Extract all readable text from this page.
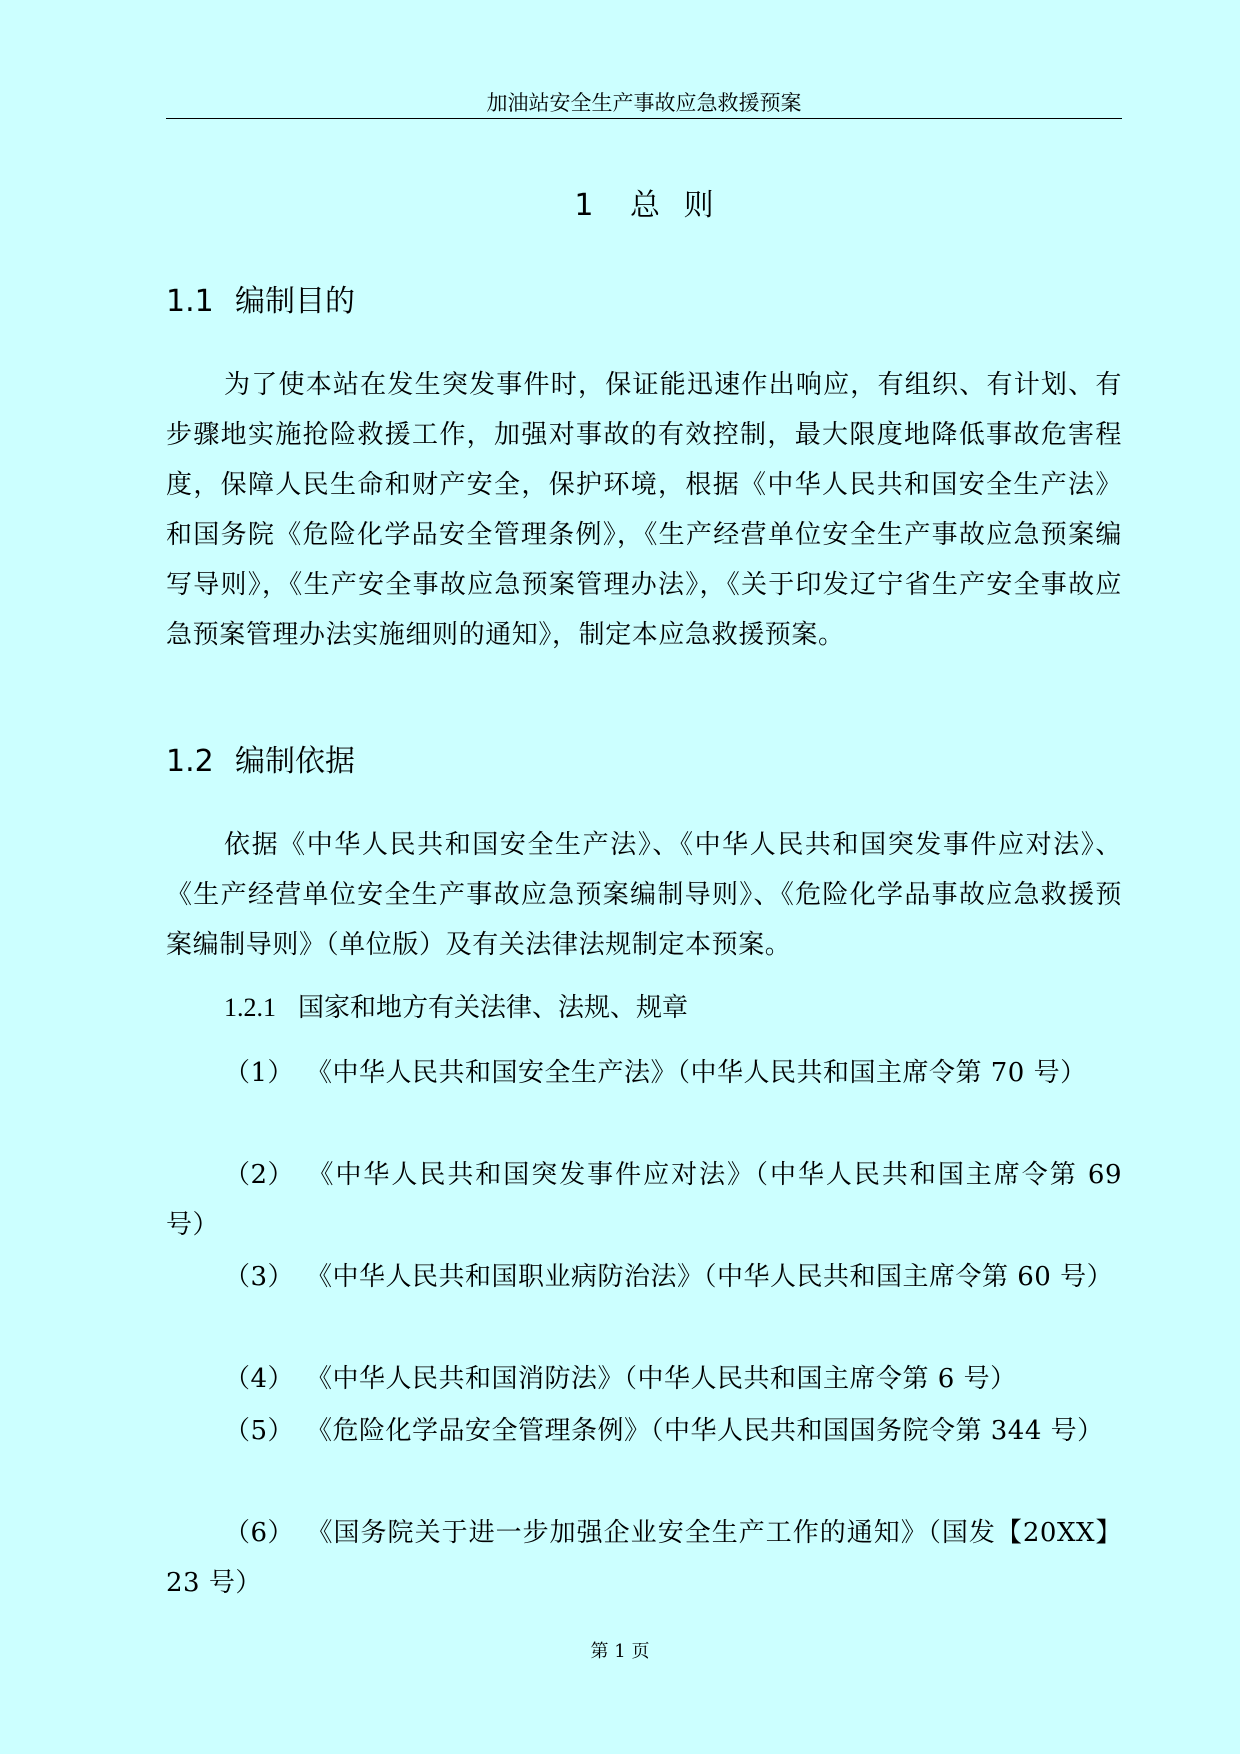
加油站安全生产事故应急救援预案
1 总 则
1.1 编制目的
为了使本站在发生突发事件时，保证能迅速作出响应，有组织、有计划、有步骤地实施抢险救援工作，加强对事故的有效控制，最大限度地降低事故危害程度，保障人民生命和财产安全，保护环境，根据《中华人民共和国安全生产法》和国务院《危险化学品安全管理条例》，《生产经营单位安全生产事故应急预案编写导则》，《生产安全事故应急预案管理办法》，《关于印发辽宁省生产安全事故应急预案管理办法实施细则的通知》，制定本应急救援预案。
1.2 编制依据
依据《中华人民共和国安全生产法》、《中华人民共和国突发事件应对法》、《生产经营单位安全生产事故应急预案编制导则》、《危险化学品事故应急救援预案编制导则》（单位版）及有关法律法规制定本预案。
1.2.1 国家和地方有关法律、法规、规章
（1） 《中华人民共和国安全生产法》（中华人民共和国主席令第 70 号）
（2） 《中华人民共和国突发事件应对法》（中华人民共和国主席令第 69 号）
（3） 《中华人民共和国职业病防治法》（中华人民共和国主席令第 60 号）
（4） 《中华人民共和国消防法》（中华人民共和国主席令第 6 号）
（5） 《危险化学品安全管理条例》（中华人民共和国国务院令第 344 号）
（6） 《国务院关于进一步加强企业安全生产工作的通知》（国发【20XX】23 号）
第 1 页
